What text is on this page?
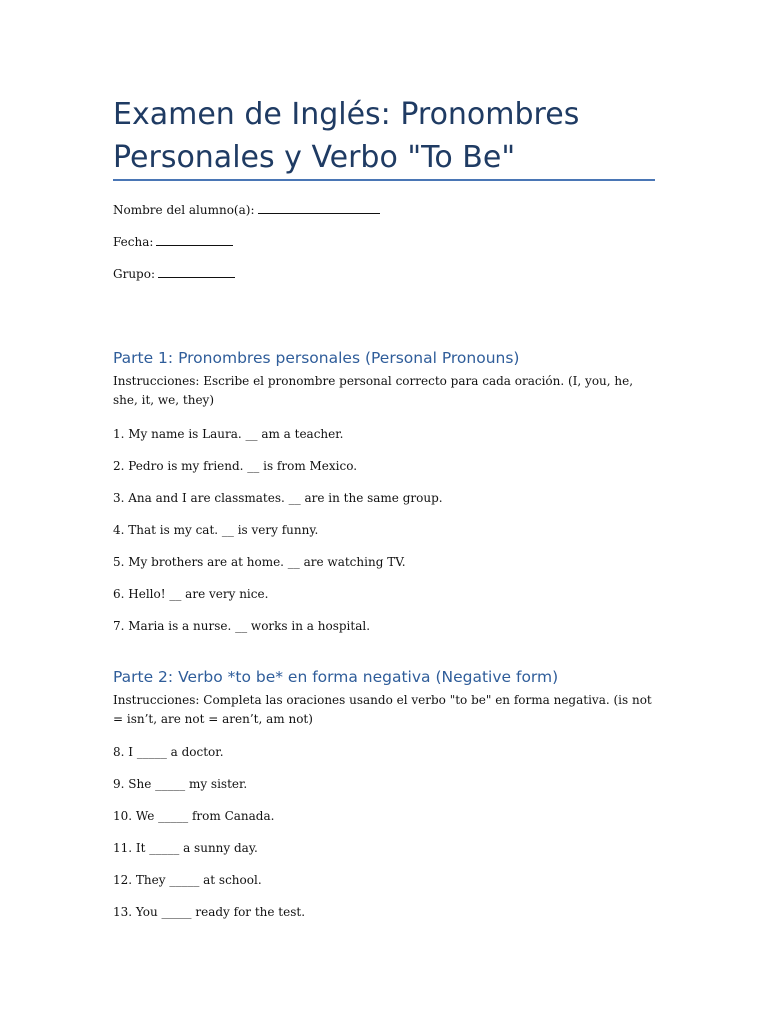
Examen de Inglés: Pronombres Personales y Verbo "To Be"
Nombre del alumno(a):
Fecha:
Grupo:
Parte 1: Pronombres personales (Personal Pronouns)

Instrucciones: Escribe el pronombre personal correcto para cada oración. (I, you, he, she, it, we, they)

1. My name is Laura. __ am a teacher.

2. Pedro is my friend. __ is from Mexico.

3. Ana and I are classmates. __ are in the same group.

4. That is my cat. __ is very funny.

5. My brothers are at home. __ are watching TV.

6. Hello! __ are very nice.

7. Maria is a nurse. __ works in a hospital.

Parte 2: Verbo *to be* en forma negativa (Negative form)

Instrucciones: Completa las oraciones usando el verbo "to be" en forma negativa. (is not = isn’t, are not = aren’t, am not)

8. I _____ a doctor.

9. She _____ my sister.

10. We _____ from Canada.

11. It _____ a sunny day.

12. They _____ at school.

13. You _____ ready for the test.
